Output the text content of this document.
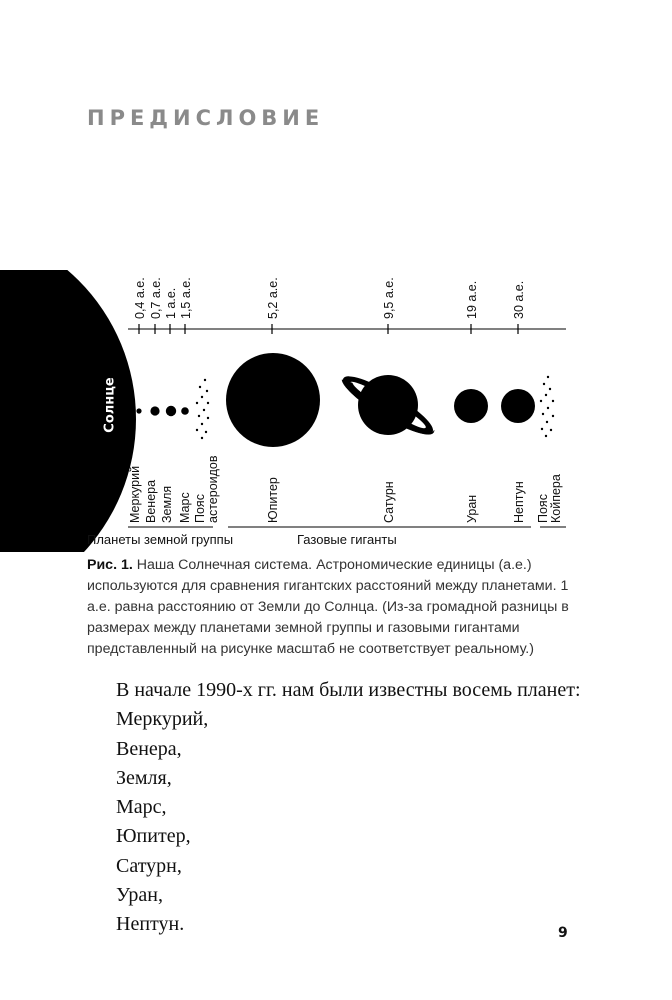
ПРЕДИСЛОВИЕ
Солнце
0,4 а.е. 0,7 а.е. 1 а.е. 1,5 а.е.	5,2 а.е.	9,5 а.е.	19 а.е.	30 а.е.
Меркурий Венера Земля Марс Пояс астероидов	Юпитер	Сатурн	Уран	Нептун Пояс Койпера
Планеты земной группы	Газовые гиганты
Рис. 1. Наша Солнечная система. Астрономические единицы (а.е.) используются для сравнения гигантских расстояний между планетами. 1 а.е. равна расстоянию от Земли до Солнца. (Из-за громадной разницы в размерах между планетами земной группы и газовыми гигантами представленный на рисунке масштаб не соответствует реальному.)
В начале 1990-х гг. нам были известны восемь планет:
Меркурий,
Венера,
Земля,
Марс,
Юпитер,
Сатурн,
Уран,
Нептун.	9
